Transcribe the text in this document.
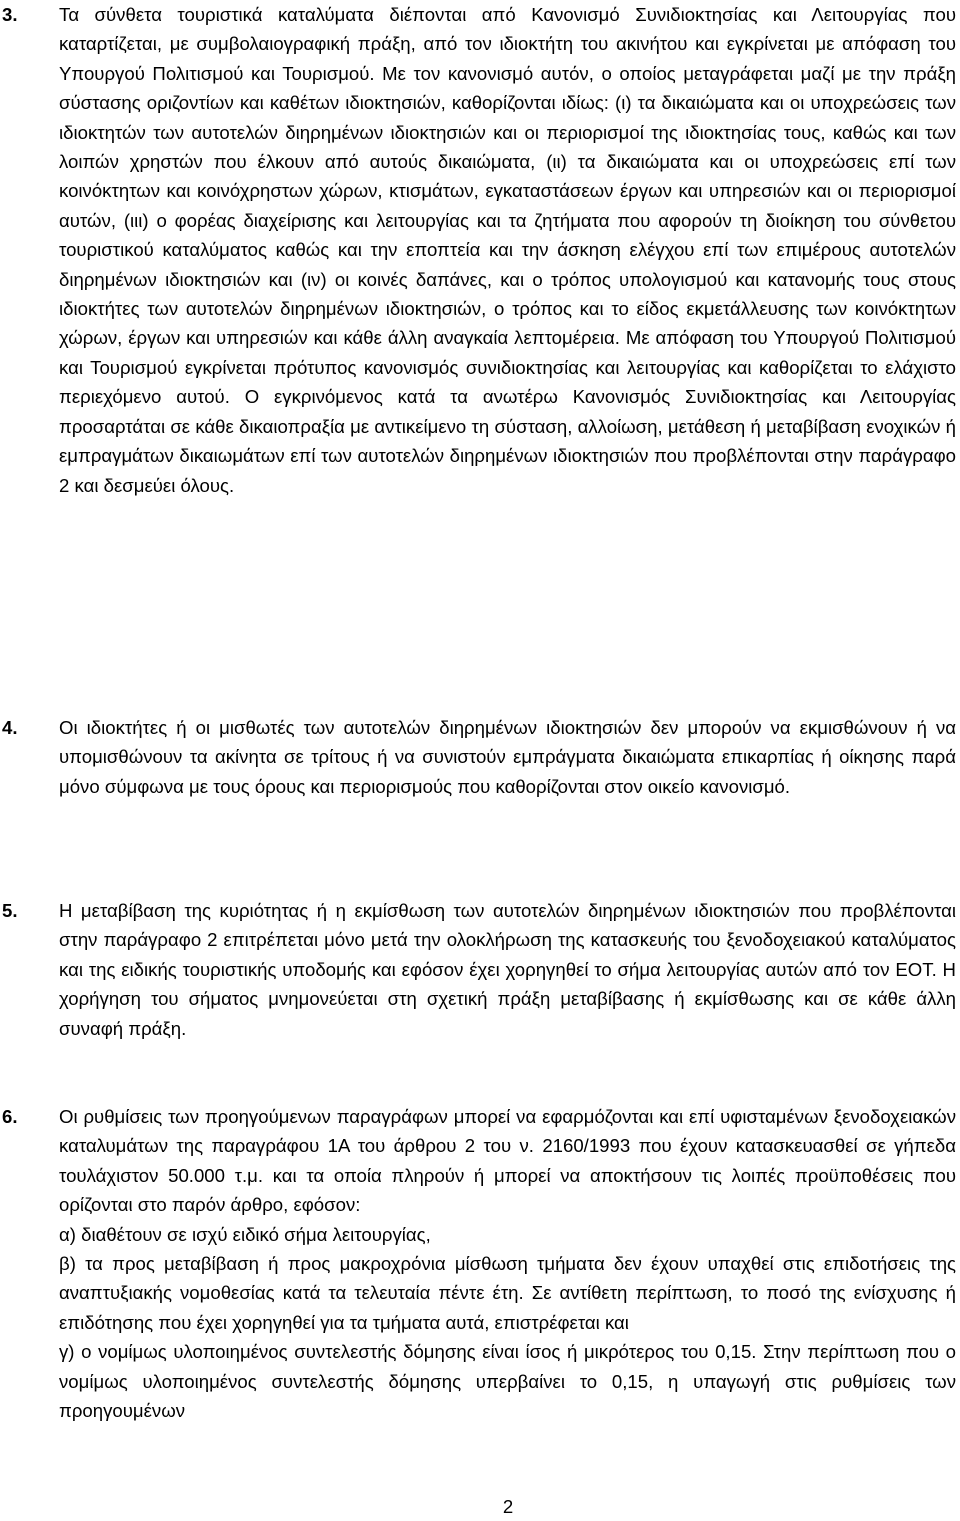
3. Τα σύνθετα τουριστικά καταλύματα διέπονται από Κανονισμό Συνιδιοκτησίας και Λειτουργίας που καταρτίζεται, με συμβολαιογραφική πράξη, από τον ιδιοκτήτη του ακινήτου και εγκρίνεται με απόφαση του Υπουργού Πολιτισμού και Τουρισμού. Με τον κανονισμό αυτόν, ο οποίος μεταγράφεται μαζί με την πράξη σύστασης οριζοντίων και καθέτων ιδιοκτησιών, καθορίζονται ιδίως: (ι) τα δικαιώματα και οι υποχρεώσεις των ιδιοκτητών των αυτοτελών διηρημένων ιδιοκτησιών και οι περιορισμοί της ιδιοκτησίας τους, καθώς και των λοιπών χρηστών που έλκουν από αυτούς δικαιώματα, (ιι) τα δικαιώματα και οι υποχρεώσεις επί των κοινόκτητων και κοινόχρηστων χώρων, κτισμάτων, εγκαταστάσεων έργων και υπηρεσιών και οι περιορισμοί αυτών, (ιιι) ο φορέας διαχείρισης και λειτουργίας και τα ζητήματα που αφορούν τη διοίκηση του σύνθετου τουριστικού καταλύματος καθώς και την εποπτεία και την άσκηση ελέγχου επί των επιμέρους αυτοτελών διηρημένων ιδιοκτησιών και (ιν) οι κοινές δαπάνες, και ο τρόπος υπολογισμού και κατανομής τους στους ιδιοκτήτες των αυτοτελών διηρημένων ιδιοκτησιών, ο τρόπος και το είδος εκμετάλλευσης των κοινόκτητων χώρων, έργων και υπηρεσιών και κάθε άλλη αναγκαία λεπτομέρεια. Με απόφαση του Υπουργού Πολιτισμού και Τουρισμού εγκρίνεται πρότυπος κανονισμός συνιδιοκτησίας και λειτουργίας και καθορίζεται το ελάχιστο περιεχόμενο αυτού. Ο εγκρινόμενος κατά τα ανωτέρω Κανονισμός Συνιδιοκτησίας και Λειτουργίας προσαρτάται σε κάθε δικαιοπραξία με αντικείμενο τη σύσταση, αλλοίωση, μετάθεση ή μεταβίβαση ενοχικών ή εμπραγμάτων δικαιωμάτων επί των αυτοτελών διηρημένων ιδιοκτησιών που προβλέπονται στην παράγραφο 2 και δεσμεύει όλους.

4. Οι ιδιοκτήτες ή οι μισθωτές των αυτοτελών διηρημένων ιδιοκτησιών δεν μπορούν να εκμισθώνουν ή να υπομισθώνουν τα ακίνητα σε τρίτους ή να συνιστούν εμπράγματα δικαιώματα επικαρπίας ή οίκησης παρά μόνο σύμφωνα με τους όρους και περιορισμούς που καθορίζονται στον οικείο κανονισμό.

5. Η μεταβίβαση της κυριότητας ή η εκμίσθωση των αυτοτελών διηρημένων ιδιοκτησιών που προβλέπονται στην παράγραφο 2 επιτρέπεται μόνο μετά την ολοκλήρωση της κατασκευής του ξενοδοχειακού καταλύματος και της ειδικής τουριστικής υποδομής και εφόσον έχει χορηγηθεί το σήμα λειτουργίας αυτών από τον ΕΟΤ. Η χορήγηση του σήματος μνημονεύεται στη σχετική πράξη μεταβίβασης ή εκμίσθωσης και σε κάθε άλλη συναφή πράξη.

6. Οι ρυθμίσεις των προηγούμενων παραγράφων μπορεί να εφαρμόζονται και επί υφισταμένων ξενοδοχειακών καταλυμάτων της παραγράφου 1Α του άρθρου 2 του ν. 2160/1993 που έχουν κατασκευασθεί σε γήπεδα τουλάχιστον 50.000 τ.μ. και τα οποία πληρούν ή μπορεί να αποκτήσουν τις λοιπές προϋποθέσεις που ορίζονται στο παρόν άρθρο, εφόσον:

α) διαθέτουν σε ισχύ ειδικό σήμα λειτουργίας,

β) τα προς μεταβίβαση ή προς μακροχρόνια μίσθωση τμήματα δεν έχουν υπαχθεί στις επιδοτήσεις της αναπτυξιακής νομοθεσίας κατά τα τελευταία πέντε έτη. Σε αντίθετη περίπτωση, το ποσό της ενίσχυσης ή επιδότησης που έχει χορηγηθεί για τα τμήματα αυτά, επιστρέφεται και

γ) ο νομίμως υλοποιημένος συντελεστής δόμησης είναι ίσος ή μικρότερος του 0,15. Στην περίπτωση που ο νομίμως υλοποιημένος συντελεστής δόμησης υπερβαίνει το 0,15, η υπαγωγή στις ρυθμίσεις των προηγουμένων

2
